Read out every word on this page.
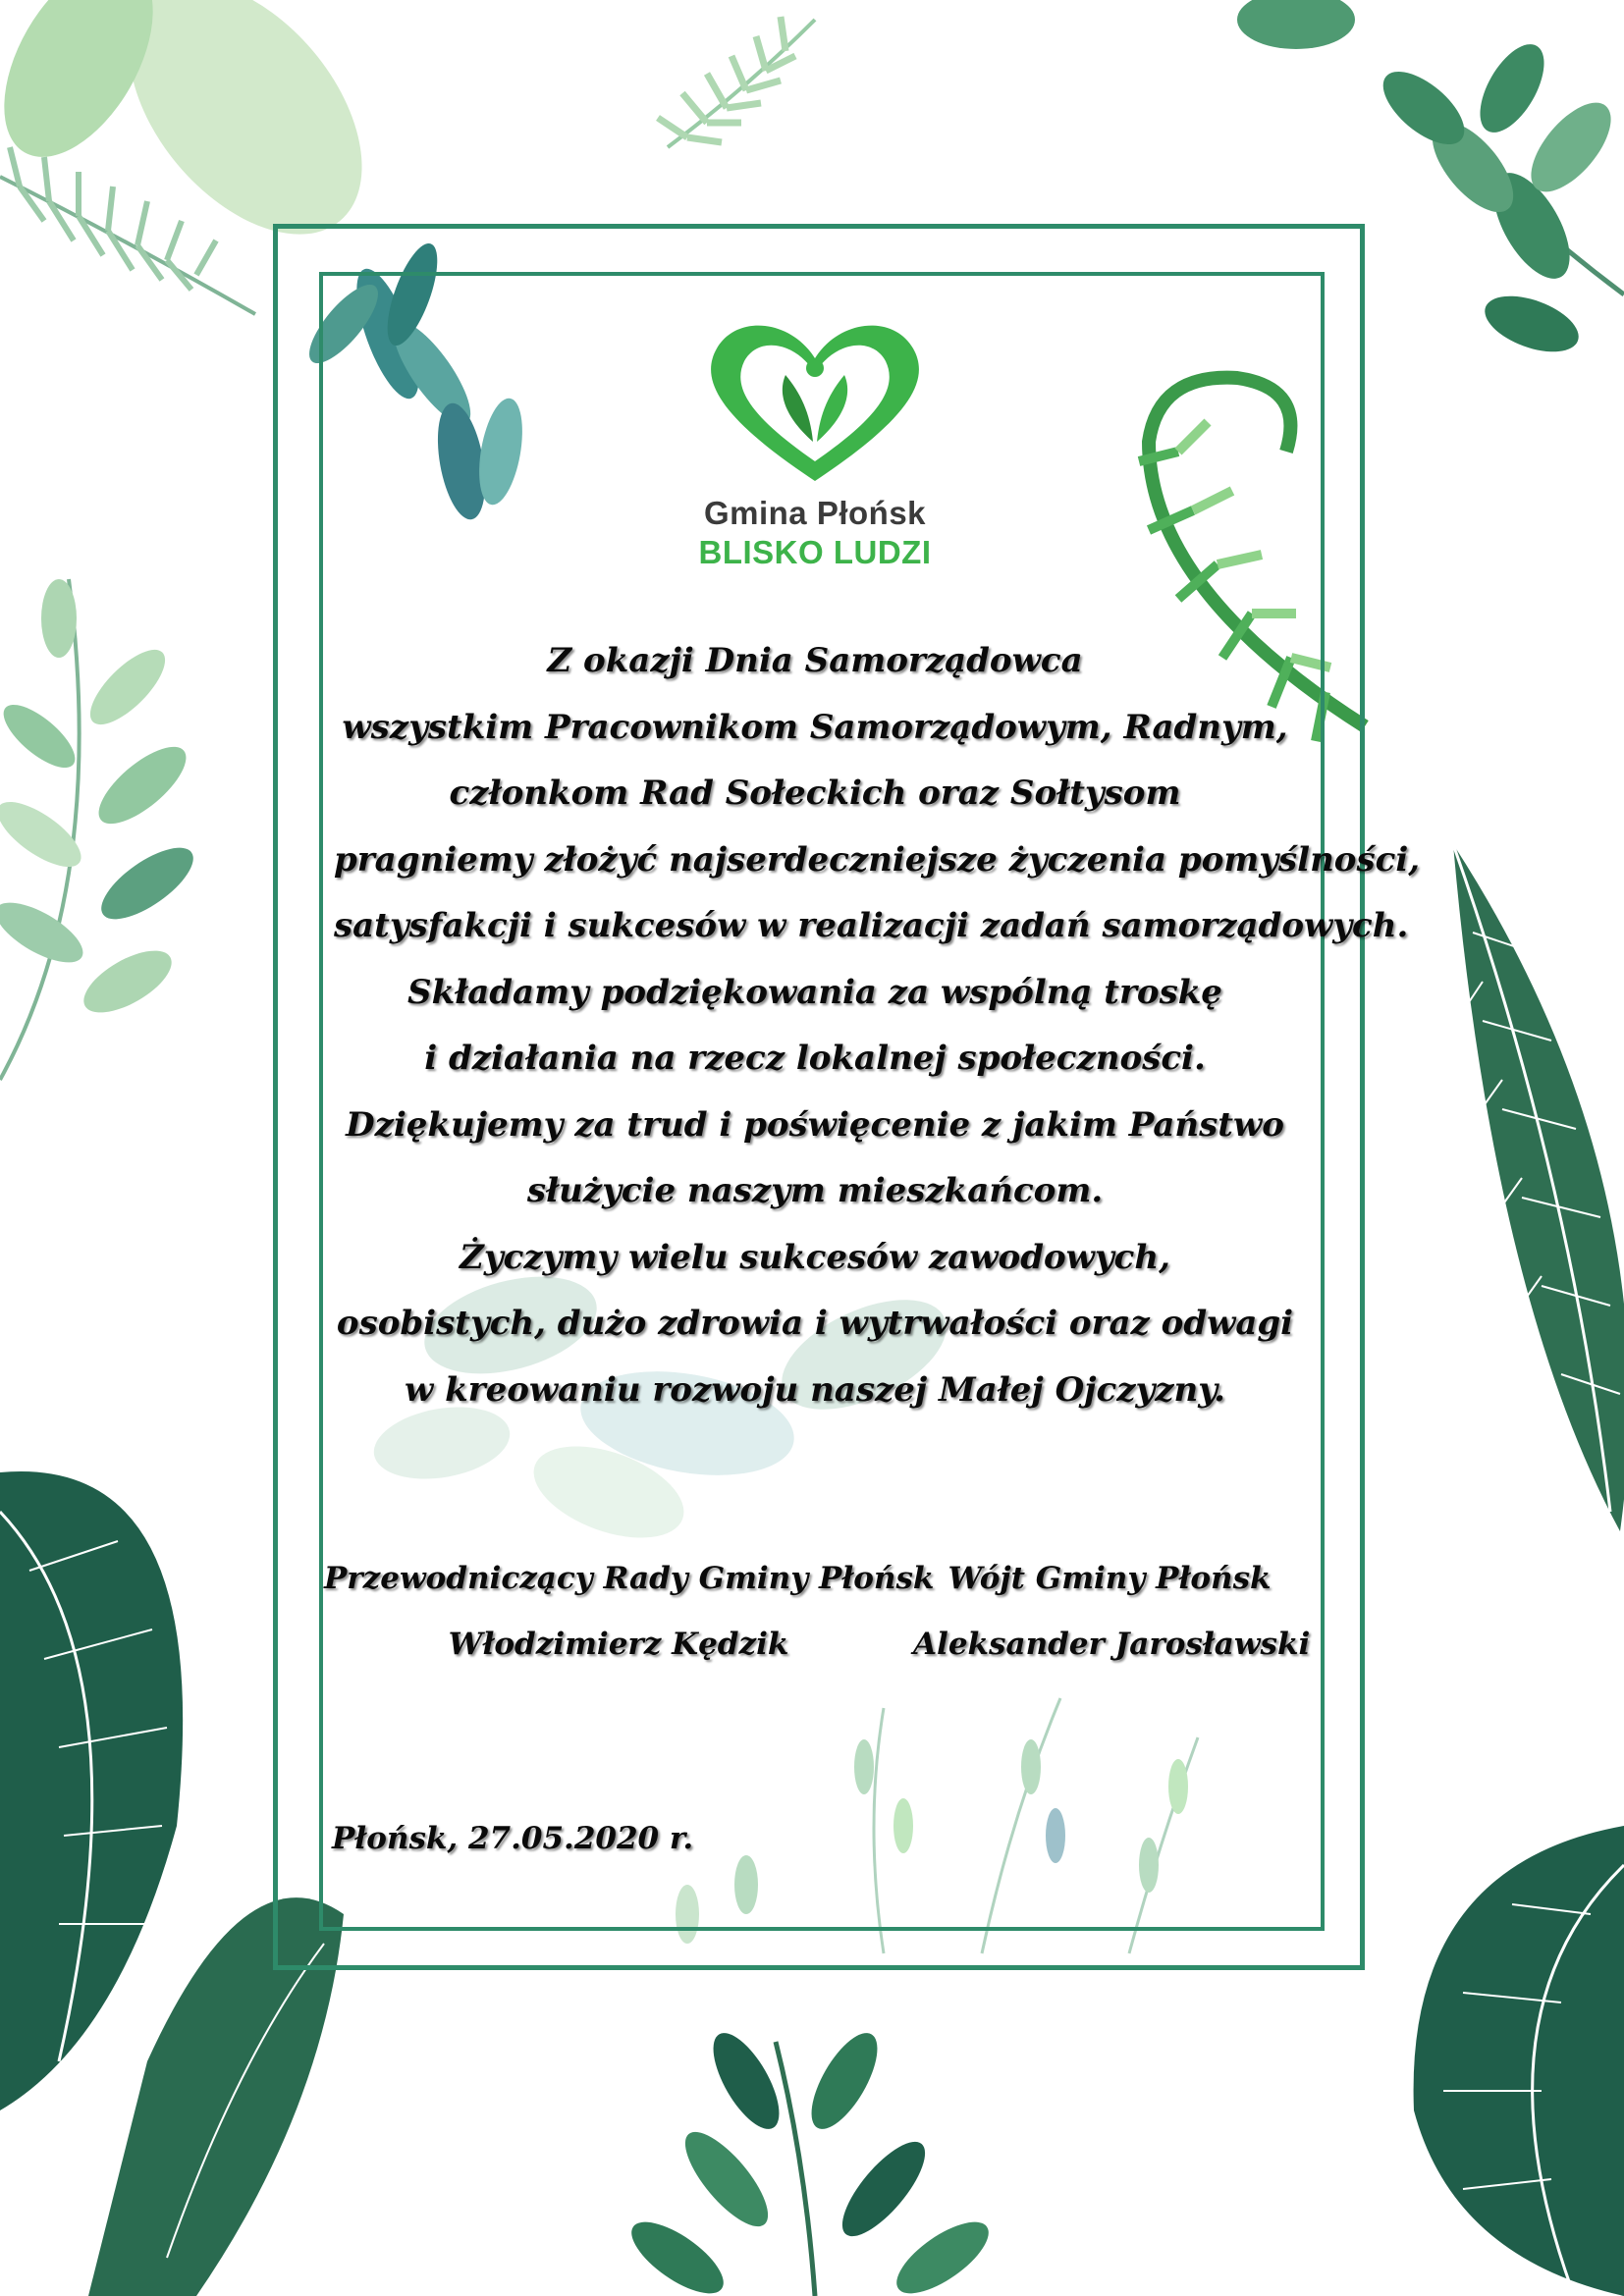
Gmina Płońsk
BLISKO LUDZI
Z okazji Dnia Samorządowca
wszystkim Pracownikom Samorządowym, Radnym,
członkom Rad Sołeckich oraz Sołtysom
pragniemy złożyć najserdeczniejsze życzenia pomyślności,
satysfakcji i sukcesów w realizacji zadań samorządowych.
Składamy podziękowania za wspólną troskę
i działania na rzecz lokalnej społeczności.
Dziękujemy za trud i poświęcenie z jakim Państwo
służycie naszym mieszkańcom.
Życzymy wielu sukcesów zawodowych,
osobistych, dużo zdrowia i wytrwałości oraz odwagi
w kreowaniu rozwoju naszej Małej Ojczyzny.
Przewodniczący Rady Gminy Płońsk
Włodzimierz Kędzik
Wójt Gminy Płońsk
Aleksander Jarosławski
Płońsk, 27.05.2020 r.
